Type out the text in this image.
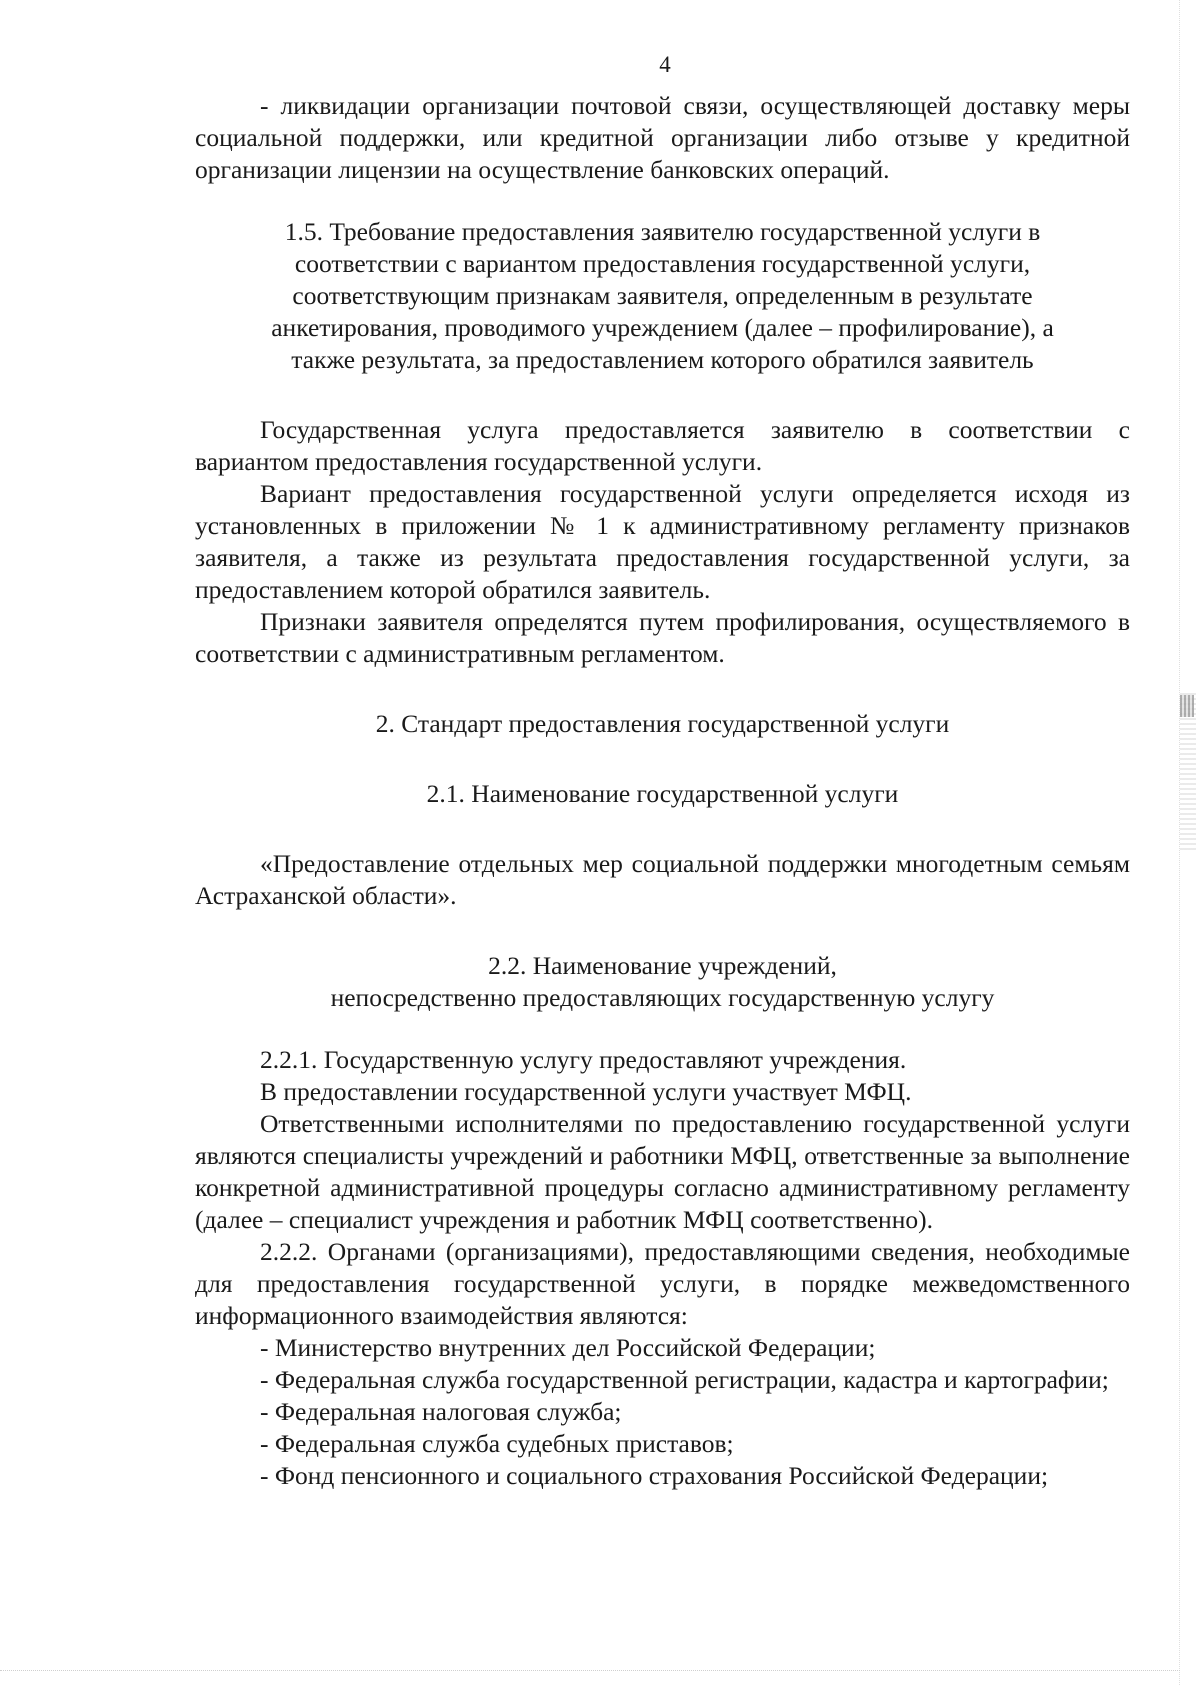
4

- ликвидации организации почтовой связи, осуществляющей доставку меры социальной поддержки, или кредитной организации либо отзыве у кредитной организации лицензии на осуществление банковских операций.

1.5. Требование предоставления заявителю государственной услуги в
соответствии с вариантом предоставления государственной услуги,
соответствующим признакам заявителя, определенным в результате
анкетирования, проводимого учреждением (далее – профилирование), а
также результата, за предоставлением которого обратился заявитель

Государственная услуга предоставляется заявителю в соответствии с вариантом предоставления государственной услуги.

Вариант предоставления государственной услуги определяется исходя из установленных в приложении № 1 к административному регламенту признаков заявителя, а также из результата предоставления государственной услуги, за предоставлением которой обратился заявитель.

Признаки заявителя определятся путем профилирования, осуществляемого в соответствии с административным регламентом.

2. Стандарт предоставления государственной услуги

2.1. Наименование государственной услуги

«Предоставление отдельных мер социальной поддержки многодетным семьям Астраханской области».

2.2. Наименование учреждений,
непосредственно предоставляющих государственную услугу

2.2.1. Государственную услугу предоставляют учреждения.

В предоставлении государственной услуги участвует МФЦ.

Ответственными исполнителями по предоставлению государственной услуги являются специалисты учреждений и работники МФЦ, ответственные за выполнение конкретной административной процедуры согласно административному регламенту (далее – специалист учреждения и работник МФЦ соответственно).

2.2.2. Органами (организациями), предоставляющими сведения, необходимые для предоставления государственной услуги, в порядке межведомственного информационного взаимодействия являются:

- Министерство внутренних дел Российской Федерации;

- Федеральная служба государственной регистрации, кадастра и картографии;

- Федеральная налоговая служба;

- Федеральная служба судебных приставов;

- Фонд пенсионного и социального страхования Российской Федерации;
